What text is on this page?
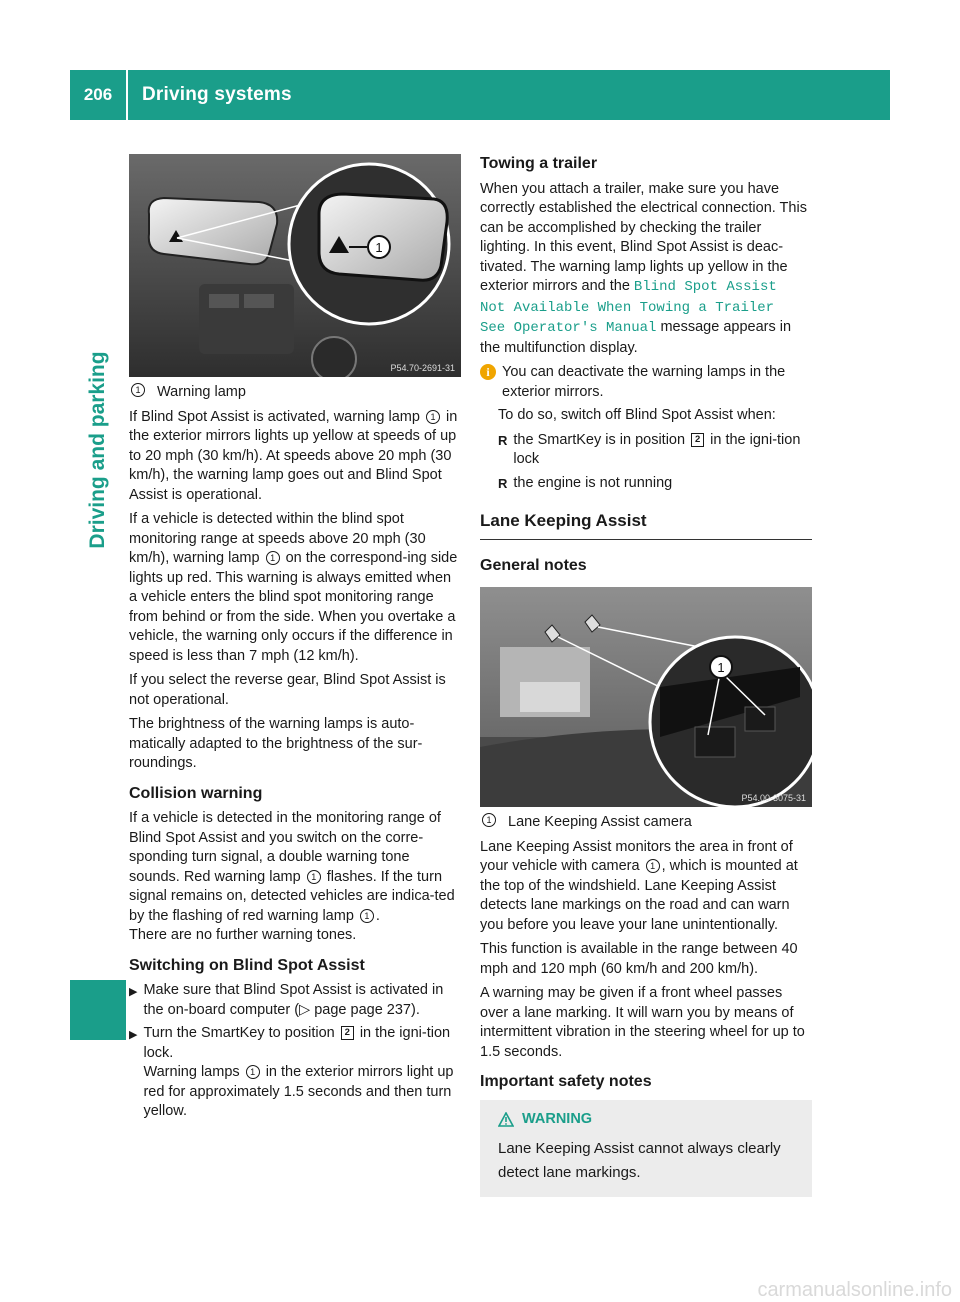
206	Driving systems
Driving and parking
1
P54.70-2691-31
1	Warning lamp

If Blind Spot Assist is activated, warning lamp 1 in the exterior mirrors lights up yellow at speeds of up to 20 mph (30 km/h). At speeds above 20 mph (30 km/h), the warning lamp goes out and Blind Spot Assist is operational.

If a vehicle is detected within the blind spot monitoring range at speeds above 20 mph (30 km/h), warning lamp 1 on the correspond-ing side lights up red. This warning is always emitted when a vehicle enters the blind spot monitoring range from behind or from the side. When you overtake a vehicle, the warning only occurs if the difference in speed is less than 7 mph (12 km/h).

If you select the reverse gear, Blind Spot Assist is not operational.

The brightness of the warning lamps is auto-matically adapted to the brightness of the sur-roundings.

Collision warning

If a vehicle is detected in the monitoring range of Blind Spot Assist and you switch on the corre-sponding turn signal, a double warning tone sounds. Red warning lamp 1 flashes. If the turn signal remains on, detected vehicles are indica-ted by the flashing of red warning lamp 1 .
There are no further warning tones.

Switching on Blind Spot Assist
▶ Make sure that Blind Spot Assist is activated in the on-board computer (▷ page page 237).
▶ Turn the SmartKey to position 2 in the igni-tion lock.
Warning lamps 1 in the exterior mirrors light up red for approximately 1.5 seconds and then turn yellow.
Towing a trailer

When you attach a trailer, make sure you have correctly established the electrical connection. This can be accomplished by checking the trailer lighting. In this event, Blind Spot Assist is deac-tivated. The warning lamp lights up yellow in the exterior mirrors and the Blind Spot Assist
Not Available When Towing a Trailer
See Operator's Manual message appears in the multifunction display.

i You can deactivate the warning lamps in the exterior mirrors.

To do so, switch off Blind Spot Assist when:

R the SmartKey is in position 2 in the igni-tion lock
R the engine is not running
Lane Keeping Assist
General notes
1
P54.00-3075-31
1	Lane Keeping Assist camera

Lane Keeping Assist monitors the area in front of your vehicle with camera 1 , which is mounted at the top of the windshield. Lane Keeping Assist detects lane markings on the road and can warn you before you leave your lane unintentionally.

This function is available in the range between 40 mph and 120 mph (60 km/h and 200 km/h).

A warning may be given if a front wheel passes over a lane marking. It will warn you by means of intermittent vibration in the steering wheel for up to 1.5 seconds.

Important safety notes
WARNING
Lane Keeping Assist cannot always clearly detect lane markings.
carmanualsonline.info
